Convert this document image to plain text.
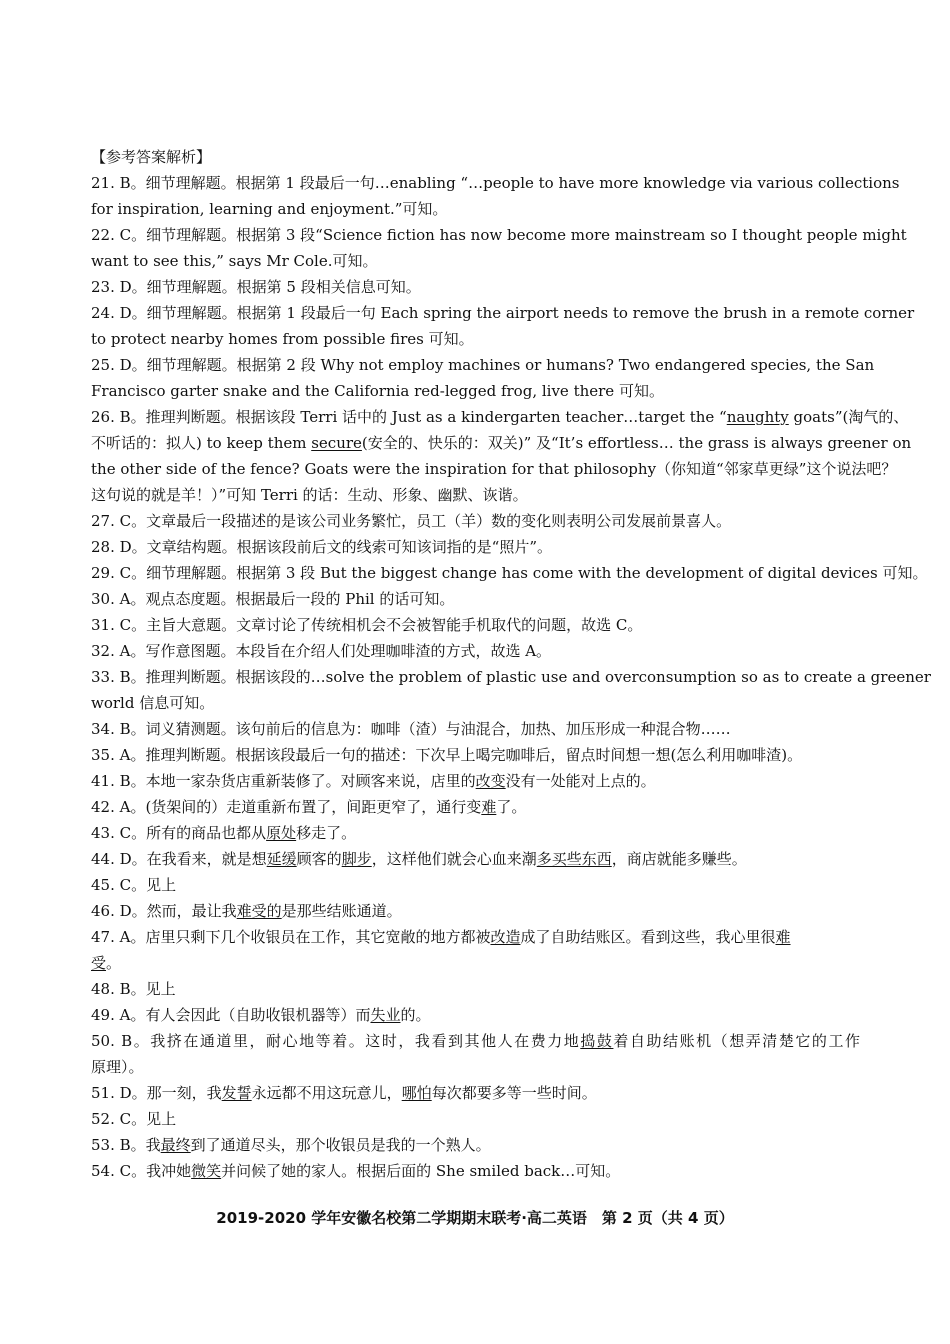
【参考答案解析】
21. B。细节理解题。根据第 1 段最后一句…enabling “…people to have more knowledge via various collections
for inspiration, learning and enjoyment.”可知。
22. C。细节理解题。根据第 3 段“Science fiction has now become more mainstream so I thought people might
want to see this,” says Mr Cole.可知。
23. D。细节理解题。根据第 5 段相关信息可知。
24. D。细节理解题。根据第 1 段最后一句 Each spring the airport needs to remove the brush in a remote corner
to protect nearby homes from possible fires 可知。
25. D。细节理解题。根据第 2 段 Why not employ machines or humans? Two endangered species, the San
Francisco garter snake and the California red-legged frog, live there 可知。
26. B。推理判断题。根据该段 Terri 话中的 Just as a kindergarten teacher…target the “naughty goats”(淘气的、
不听话的：拟人) to keep them secure(安全的、快乐的：双关)” 及“It’s effortless… the grass is always greener on
the other side of the fence? Goats were the inspiration for that philosophy（你知道“邻家草更绿”这个说法吧？
这句说的就是羊！）”可知 Terri 的话：生动、形象、幽默、诙谐。
27. C。文章最后一段描述的是该公司业务繁忙，员工（羊）数的变化则表明公司发展前景喜人。
28. D。文章结构题。根据该段前后文的线索可知该词指的是“照片”。
29. C。细节理解题。根据第 3 段 But the biggest change has come with the development of digital devices 可知。
30. A。观点态度题。根据最后一段的 Phil 的话可知。
31. C。主旨大意题。文章讨论了传统相机会不会被智能手机取代的问题，故选 C。
32. A。写作意图题。本段旨在介绍人们处理咖啡渣的方式，故选 A。
33. B。推理判断题。根据该段的…solve the problem of plastic use and overconsumption so as to create a greener
world 信息可知。
34. B。词义猜测题。该句前后的信息为：咖啡（渣）与油混合，加热、加压形成一种混合物……
35. A。推理判断题。根据该段最后一句的描述：下次早上喝完咖啡后，留点时间想一想(怎么利用咖啡渣)。
41. B。本地一家杂货店重新装修了。对顾客来说，店里的改变没有一处能对上点的。
42. A。(货架间的）走道重新布置了，间距更窄了，通行变难了。
43. C。所有的商品也都从原处移走了。
44. D。在我看来，就是想延缓顾客的脚步，这样他们就会心血来潮多买些东西，商店就能多赚些。
45. C。见上
46. D。然而，最让我难受的是那些结账通道。
47. A。店里只剩下几个收银员在工作，其它宽敞的地方都被改造成了自助结账区。看到这些，我心里很难
受。
48. B。见上
49. A。有人会因此（自助收银机器等）而失业的。
50. B。我挤在通道里，耐心地等着。这时，我看到其他人在费力地捣鼓着自助结账机（想弄清楚它的工作
原理）。
51. D。那一刻，我发誓永远都不用这玩意儿，哪怕每次都要多等一些时间。
52. C。见上
53. B。我最终到了通道尽头，那个收银员是我的一个熟人。
54. C。我冲她微笑并问候了她的家人。根据后面的 She smiled back…可知。
2019-2020 学年安徽名校第二学期期末联考·高二英语　第 2 页（共 4 页）
